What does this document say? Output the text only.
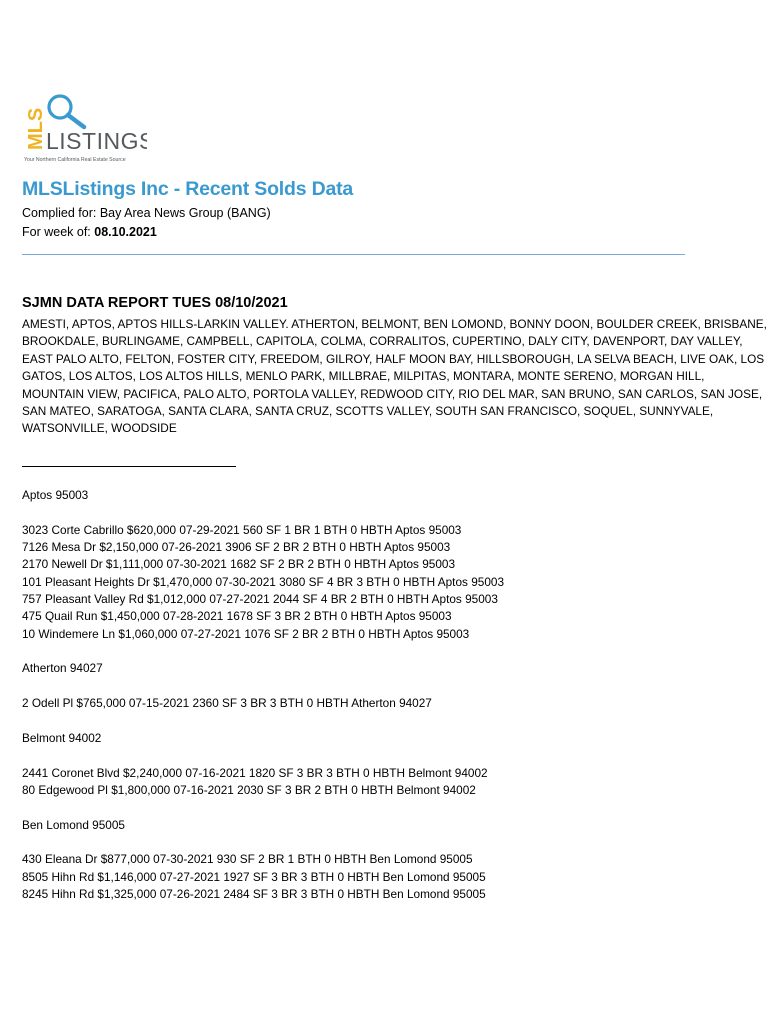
MLS LISTINGS
Your Northern California Real Estate Source
MLSListings Inc - Recent Solds Data
Complied for: Bay Area News Group (BANG)
For week of: 08.10.2021
SJMN DATA REPORT TUES 08/10/2021
AMESTI, APTOS, APTOS HILLS-LARKIN VALLEY. ATHERTON, BELMONT, BEN LOMOND, BONNY DOON, BOULDER CREEK, BRISBANE, BROOKDALE, BURLINGAME, CAMPBELL, CAPITOLA, COLMA, CORRALITOS, CUPERTINO, DALY CITY, DAVENPORT, DAY VALLEY, EAST PALO ALTO, FELTON, FOSTER CITY, FREEDOM, GILROY, HALF MOON BAY, HILLSBOROUGH, LA SELVA BEACH, LIVE OAK, LOS GATOS, LOS ALTOS, LOS ALTOS HILLS, MENLO PARK, MILLBRAE, MILPITAS, MONTARA, MONTE SERENO, MORGAN HILL, MOUNTAIN VIEW, PACIFICA, PALO ALTO, PORTOLA VALLEY, REDWOOD CITY, RIO DEL MAR, SAN BRUNO, SAN CARLOS, SAN JOSE, SAN MATEO, SARATOGA, SANTA CLARA, SANTA CRUZ, SCOTTS VALLEY, SOUTH SAN FRANCISCO, SOQUEL, SUNNYVALE, WATSONVILLE, WOODSIDE
Aptos 95003
3023 Corte Cabrillo $620,000 07-29-2021 560 SF 1 BR 1 BTH 0 HBTH Aptos 95003
7126 Mesa Dr $2,150,000 07-26-2021 3906 SF 2 BR 2 BTH 0 HBTH Aptos 95003
2170 Newell Dr $1,111,000 07-30-2021 1682 SF 2 BR 2 BTH 0 HBTH Aptos 95003
101 Pleasant Heights Dr $1,470,000 07-30-2021 3080 SF 4 BR 3 BTH 0 HBTH Aptos 95003
757 Pleasant Valley Rd $1,012,000 07-27-2021 2044 SF 4 BR 2 BTH 0 HBTH Aptos 95003
475 Quail Run $1,450,000 07-28-2021 1678 SF 3 BR 2 BTH 0 HBTH Aptos 95003
10 Windemere Ln $1,060,000 07-27-2021 1076 SF 2 BR 2 BTH 0 HBTH Aptos 95003
Atherton 94027
2 Odell Pl $765,000 07-15-2021 2360 SF 3 BR 3 BTH 0 HBTH Atherton 94027
Belmont 94002
2441 Coronet Blvd $2,240,000 07-16-2021 1820 SF 3 BR 3 BTH 0 HBTH Belmont 94002
80 Edgewood Pl $1,800,000 07-16-2021 2030 SF 3 BR 2 BTH 0 HBTH Belmont 94002
Ben Lomond 95005
430 Eleana Dr $877,000 07-30-2021 930 SF 2 BR 1 BTH 0 HBTH Ben Lomond 95005
8505 Hihn Rd $1,146,000 07-27-2021 1927 SF 3 BR 3 BTH 0 HBTH Ben Lomond 95005
8245 Hihn Rd $1,325,000 07-26-2021 2484 SF 3 BR 3 BTH 0 HBTH Ben Lomond 95005
